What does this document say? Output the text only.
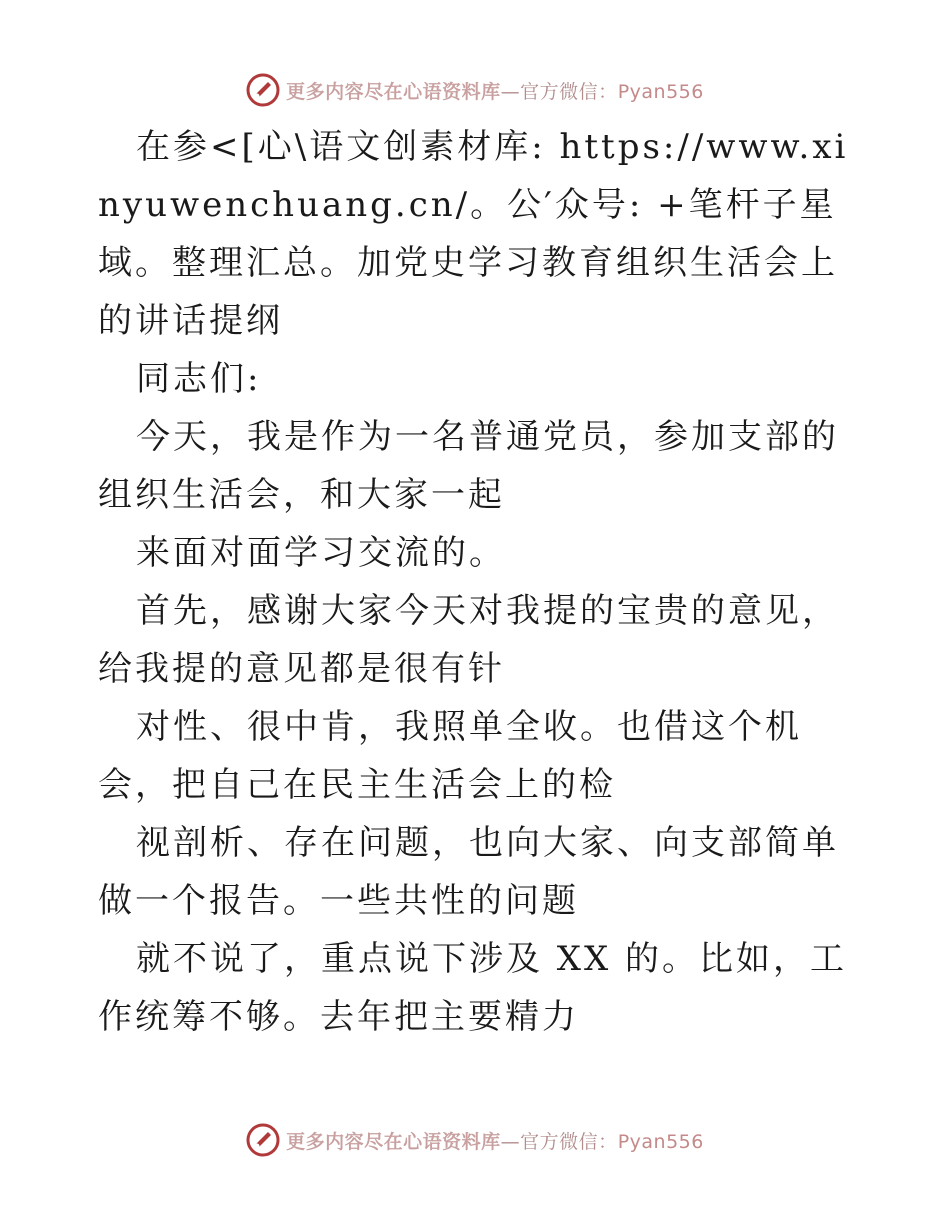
更多内容尽在心语资料库—官方微信：Pyan556

在参<[心\语文创素材库: https://www.xinyuwenchuang.cn/。公′众号: +笔杆子星域。整理汇总。加党史学习教育组织生活会上的讲话提纲

同志们:

今天，我是作为一名普通党员，参加支部的组织生活会，和大家一起

来面对面学习交流的。

首先，感谢大家今天对我提的宝贵的意见，给我提的意见都是很有针

对性、很中肯，我照单全收。也借这个机会，把自己在民主生活会上的检

视剖析、存在问题，也向大家、向支部简单做一个报告。一些共性的问题

就不说了，重点说下涉及 XX 的。比如，工作统筹不够。去年把主要精力

更多内容尽在心语资料库—官方微信：Pyan556
